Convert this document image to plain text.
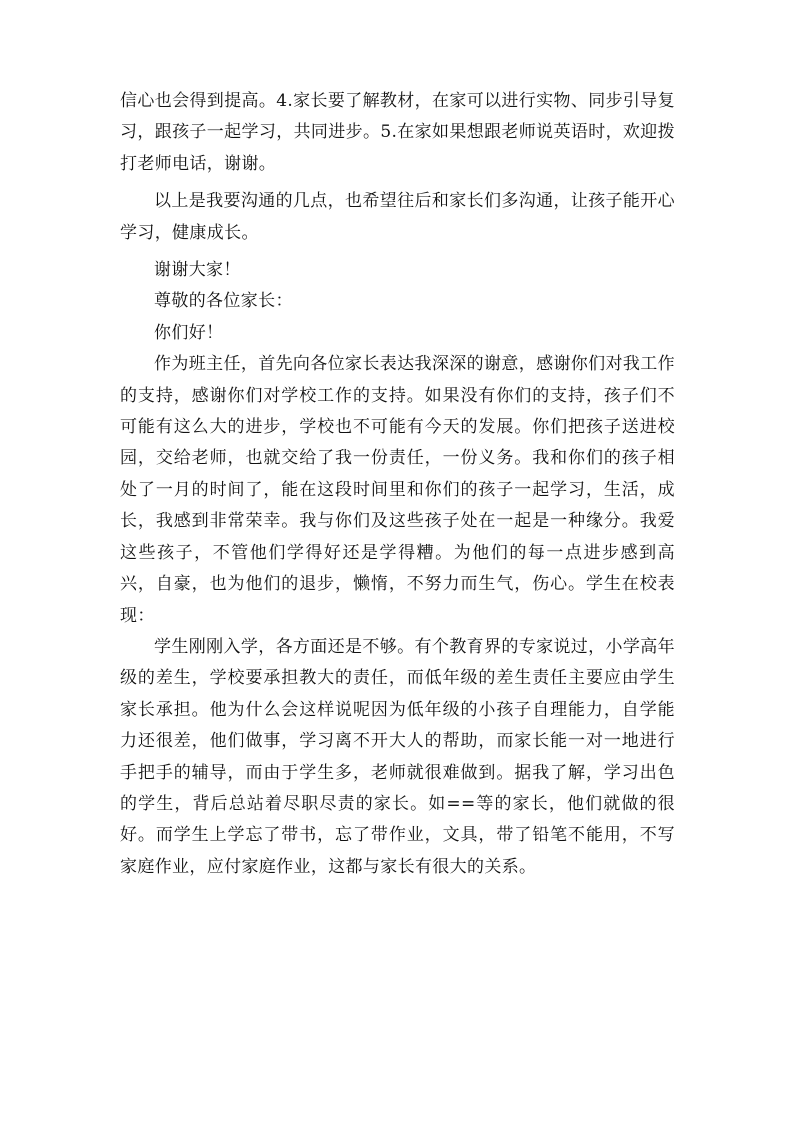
信心也会得到提高。4.家长要了解教材，在家可以进行实物、同步引导复习，跟孩子一起学习，共同进步。5.在家如果想跟老师说英语时，欢迎拨打老师电话，谢谢。

以上是我要沟通的几点，也希望往后和家长们多沟通，让孩子能开心学习，健康成长。

谢谢大家！

尊敬的各位家长：

你们好！

作为班主任，首先向各位家长表达我深深的谢意，感谢你们对我工作的支持，感谢你们对学校工作的支持。如果没有你们的支持，孩子们不可能有这么大的进步，学校也不可能有今天的发展。你们把孩子送进校园，交给老师，也就交给了我一份责任，一份义务。我和你们的孩子相处了一月的时间了，能在这段时间里和你们的孩子一起学习，生活，成长，我感到非常荣幸。我与你们及这些孩子处在一起是一种缘分。我爱这些孩子，不管他们学得好还是学得糟。为他们的每一点进步感到高兴，自豪，也为他们的退步，懒惰，不努力而生气，伤心。学生在校表现：

学生刚刚入学，各方面还是不够。有个教育界的专家说过，小学高年级的差生，学校要承担教大的责任，而低年级的差生责任主要应由学生家长承担。他为什么会这样说呢因为低年级的小孩子自理能力，自学能力还很差，他们做事，学习离不开大人的帮助，而家长能一对一地进行手把手的辅导，而由于学生多，老师就很难做到。据我了解，学习出色的学生，背后总站着尽职尽责的家长。如==等的家长，他们就做的很好。而学生上学忘了带书，忘了带作业，文具，带了铅笔不能用，不写家庭作业，应付家庭作业，这都与家长有很大的关系。
